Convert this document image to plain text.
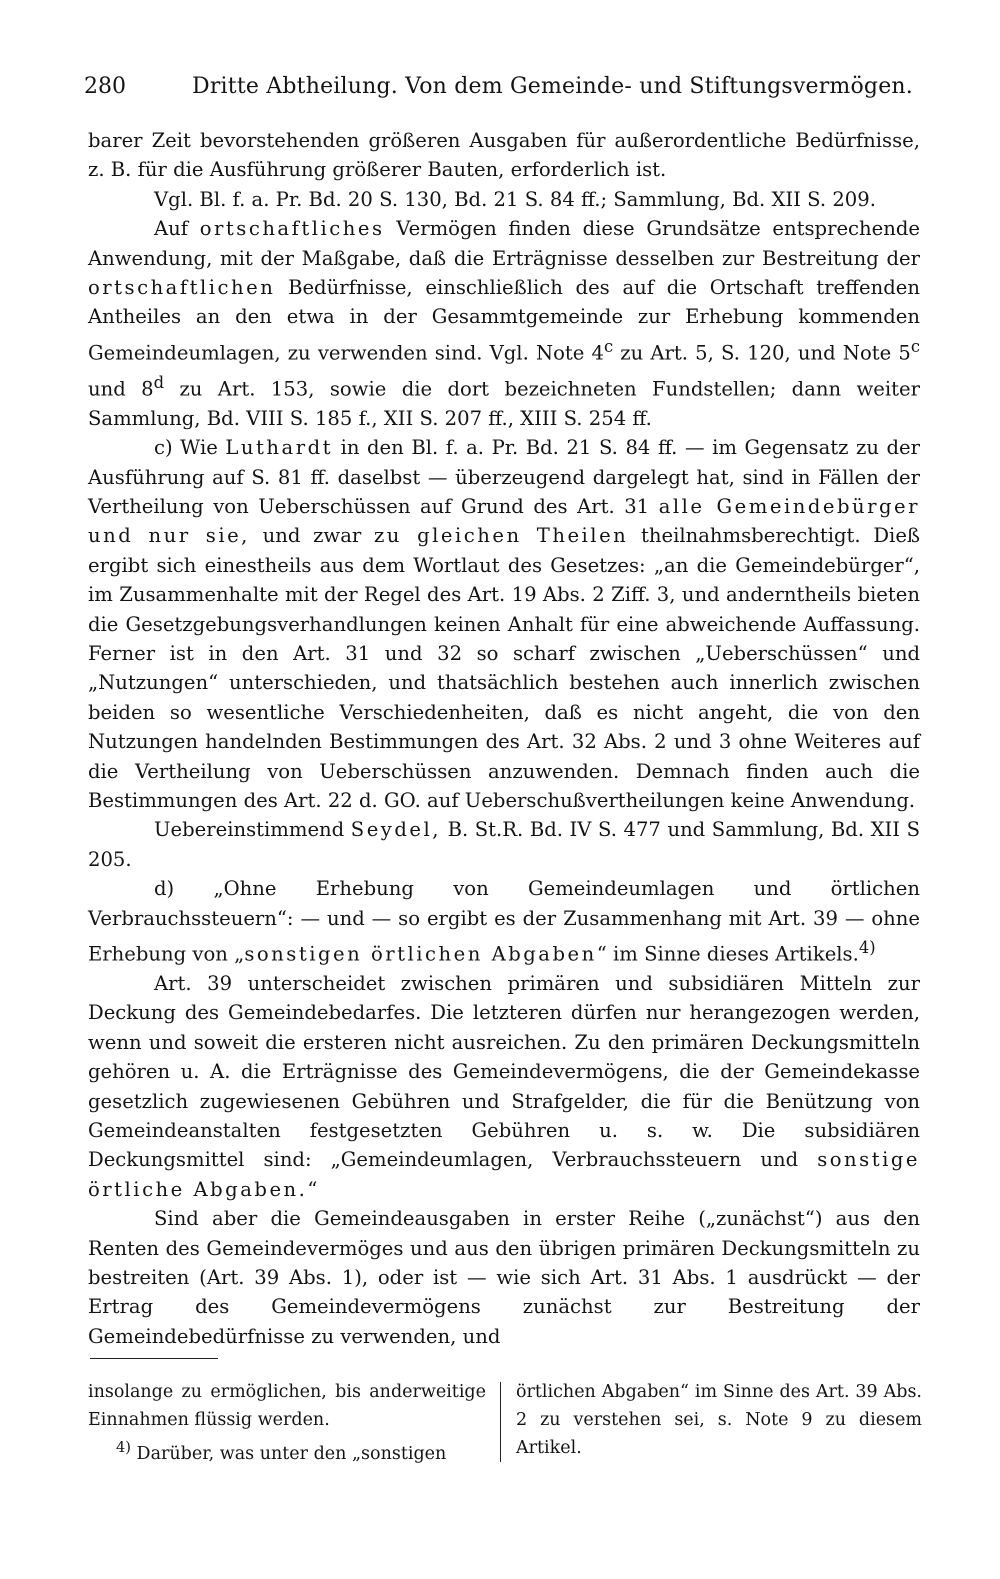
280	Dritte Abtheilung. Von dem Gemeinde- und Stiftungsvermögen.

barer Zeit bevorstehenden größeren Ausgaben für außerordentliche Bedürfnisse, z. B. für die Ausführung größerer Bauten, erforderlich ist.

Vgl. Bl. f. a. Pr. Bd. 20 S. 130, Bd. 21 S. 84 ff.; Sammlung, Bd. XII S. 209.

Auf ortschaftliches Vermögen finden diese Grundsätze entsprechende Anwendung, mit der Maßgabe, daß die Erträgnisse desselben zur Bestreitung der ortschaftlichen Bedürfnisse, einschließlich des auf die Ortschaft treffenden Antheiles an den etwa in der Gesammtgemeinde zur Erhebung kommenden Gemeindeumlagen, zu verwenden sind. Vgl. Note 4$^c$ zu Art. 5, S. 120, und Note 5$^c$ und 8$^d$ zu Art. 153, sowie die dort bezeichneten Fundstellen; dann weiter Sammlung, Bd. VIII S. 185 f., XII S. 207 ff., XIII S. 254 ff.

c) Wie Luthardt in den Bl. f. a. Pr. Bd. 21 S. 84 ff. — im Gegensatz zu der Ausführung auf S. 81 ff. daselbst — überzeugend dargelegt hat, sind in Fällen der Vertheilung von Ueberschüssen auf Grund des Art. 31 alle Gemeindebürger und nur sie, und zwar zu gleichen Theilen theilnahmsberechtigt. Dieß ergibt sich einestheils aus dem Wortlaut des Gesetzes: „an die Gemeindebürger“, im Zusammenhalte mit der Regel des Art. 19 Abs. 2 Ziff. 3, und anderntheils bieten die Gesetzgebungsverhandlungen keinen Anhalt für eine abweichende Auffassung. Ferner ist in den Art. 31 und 32 so scharf zwischen „Ueberschüssen“ und „Nutzungen“ unterschieden, und thatsächlich bestehen auch innerlich zwischen beiden so wesentliche Verschiedenheiten, daß es nicht angeht, die von den Nutzungen handelnden Bestimmungen des Art. 32 Abs. 2 und 3 ohne Weiteres auf die Vertheilung von Ueberschüssen anzuwenden. Demnach finden auch die Bestimmungen des Art. 22 d. GO. auf Ueberschußvertheilungen keine Anwendung.

Uebereinstimmend Seydel, B. St.R. Bd. IV S. 477 und Sammlung, Bd. XII S 205.

d) „Ohne Erhebung von Gemeindeumlagen und örtlichen Verbrauchssteuern“: — und — so ergibt es der Zusammenhang mit Art. 39 — ohne Erhebung von „sonstigen örtlichen Abgaben“ im Sinne dieses Artikels.$^{4)}$

Art. 39 unterscheidet zwischen primären und subsidiären Mitteln zur Deckung des Gemeindebedarfes. Die letzteren dürfen nur herangezogen werden, wenn und soweit die ersteren nicht ausreichen. Zu den primären Deckungsmitteln gehören u. A. die Erträgnisse des Gemeindevermögens, die der Gemeindekasse gesetzlich zugewiesenen Gebühren und Strafgelder, die für die Benützung von Gemeindeanstalten festgesetzten Gebühren u. s. w. Die subsidiären Deckungsmittel sind: „Gemeindeumlagen, Verbrauchssteuern und sonstige örtliche Abgaben.“

Sind aber die Gemeindeausgaben in erster Reihe („zunächst“) aus den Renten des Gemeindevermöges und aus den übrigen primären Deckungsmitteln zu bestreiten (Art. 39 Abs. 1), oder ist — wie sich Art. 31 Abs. 1 ausdrückt — der Ertrag des Gemeindevermögens zunächst zur Bestreitung der Gemeindebedürfnisse zu verwenden, und

insolange zu ermöglichen, bis anderweitige Einnahmen flüssig werden.

$^{4)}$ Darüber, was unter den „sonstigen

örtlichen Abgaben“ im Sinne des Art. 39 Abs. 2 zu verstehen sei, s. Note 9 zu diesem Artikel.
